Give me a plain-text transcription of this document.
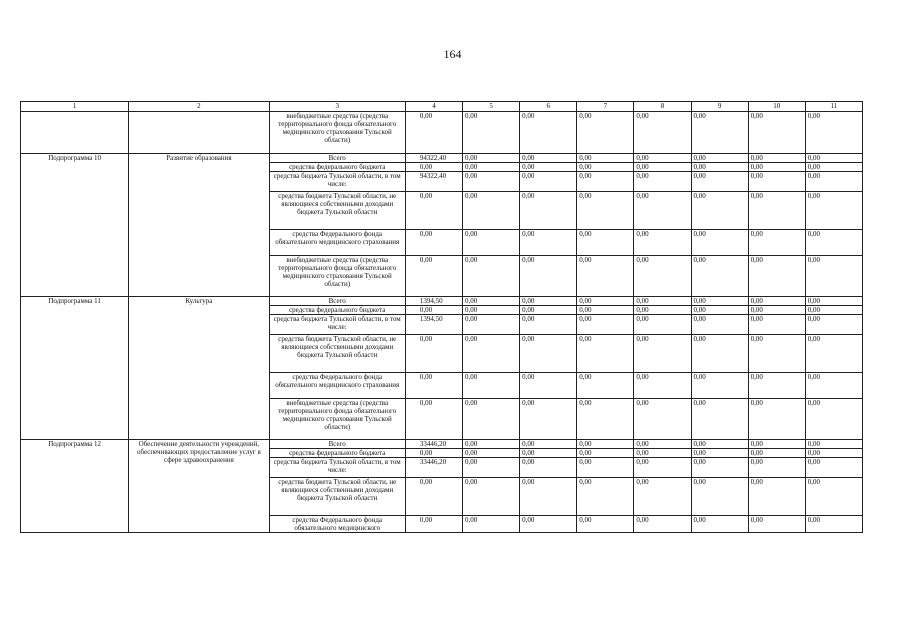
164
1	2	3	4	5	6	7	8	9	10	11
		внебюджетные средства (средства территориального фонда обязательного медицинского страхования Тульской области)	0,00	0,00	0,00	0,00	0,00	0,00	0,00	0,00
Подпрограмма 10	Развитие образования	Всего	94322,40	0,00	0,00	0,00	0,00	0,00	0,00	0,00
		средства федерального бюджета	0,00	0,00	0,00	0,00	0,00	0,00	0,00	0,00
		средства бюджета Тульской области, в том числе:	94322,40	0,00	0,00	0,00	0,00	0,00	0,00	0,00
		средства бюджета Тульской области, не являющиеся собственными доходами бюджета Тульской области	0,00	0,00	0,00	0,00	0,00	0,00	0,00	0,00
		средства Федерального фонда обязательного медицинского страхования	0,00	0,00	0,00	0,00	0,00	0,00	0,00	0,00
		внебюджетные средства (средства территориального фонда обязательного медицинского страхования Тульской области)	0,00	0,00	0,00	0,00	0,00	0,00	0,00	0,00
Подпрограмма 11	Культура	Всего	1394,50	0,00	0,00	0,00	0,00	0,00	0,00	0,00
		средства федерального бюджета	0,00	0,00	0,00	0,00	0,00	0,00	0,00	0,00
		средства бюджета Тульской области, в том числе:	1394,50	0,00	0,00	0,00	0,00	0,00	0,00	0,00
		средства бюджета Тульской области, не являющиеся собственными доходами бюджета Тульской области	0,00	0,00	0,00	0,00	0,00	0,00	0,00	0,00
		средства Федерального фонда обязательного медицинского страхования	0,00	0,00	0,00	0,00	0,00	0,00	0,00	0,00
		внебюджетные средства (средства территориального фонда обязательного медицинского страхования Тульской области)	0,00	0,00	0,00	0,00	0,00	0,00	0,00	0,00
Подпрограмма 12	Обеспечение деятельности учреждений, обеспечивающих предоставление услуг в сфере здравоохранения	Всего	33446,20	0,00	0,00	0,00	0,00	0,00	0,00	0,00
		средства федерального бюджета	0,00	0,00	0,00	0,00	0,00	0,00	0,00	0,00
		средства бюджета Тульской области, в том числе:	33446,20	0,00	0,00	0,00	0,00	0,00	0,00	0,00
		средства бюджета Тульской области, не являющиеся собственными доходами бюджета Тульской области	0,00	0,00	0,00	0,00	0,00	0,00	0,00	0,00
		средства Федерального фонда обязательного медицинского	0,00	0,00	0,00	0,00	0,00	0,00	0,00	0,00
